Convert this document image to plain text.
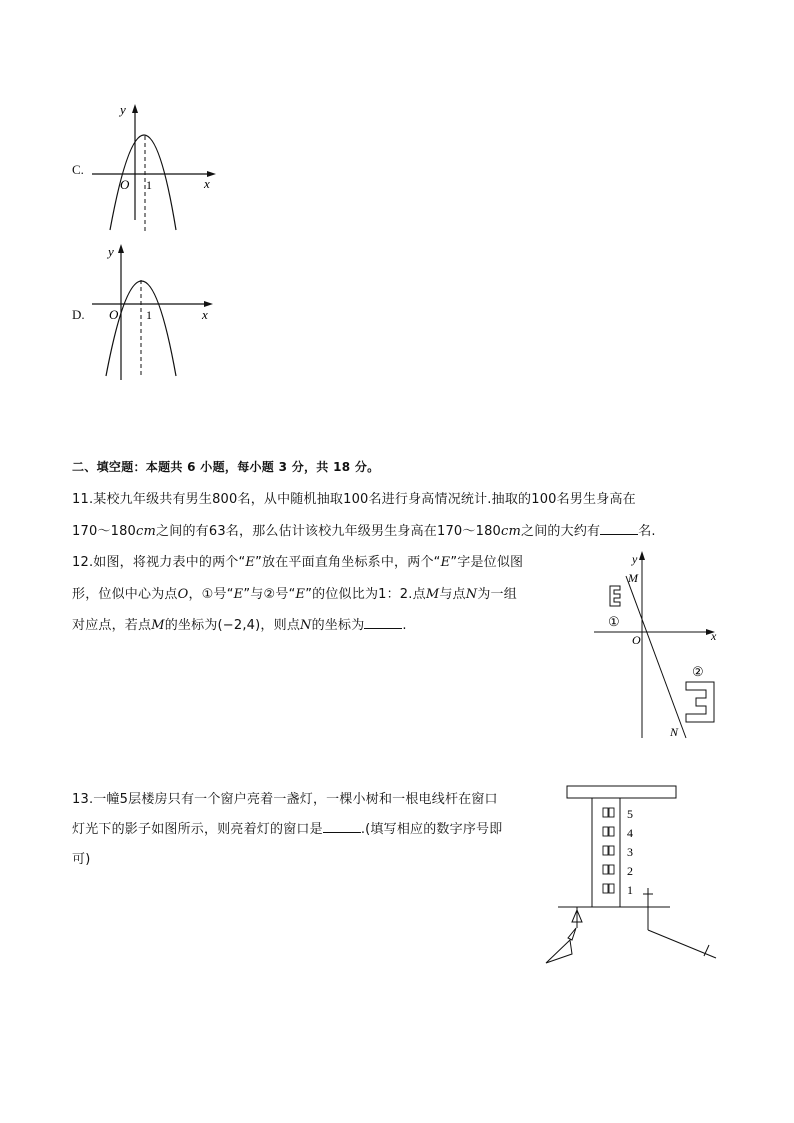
C.
y
x
O 1
D.
y
x
O 1
二、填空题：本题共 6 小题，每小题 3 分，共 18 分。
11.某校九年级共有男生800名，从中随机抽取100名进行身高情况统计.抽取的100名男生身高在
170～180cm之间的有63名，那么估计该校九年级男生身高在170～180cm之间的大约有	名.
12.如图，将视力表中的两个“E”放在平面直角坐标系中，两个“E”字是位似图
形，位似中心为点O，①号“E”与②号“E”的位似比为1：2.点M与点N为一组
对应点，若点M的坐标为(−2,4)，则点N的坐标为	.
y
x
O
M
N
①
②
13.一幢5层楼房只有一个窗户亮着一盏灯，一棵小树和一根电线杆在窗口
灯光下的影子如图所示，则亮着灯的窗口是	.(填写相应的数字序号即
可)
5
4
3
2
1
